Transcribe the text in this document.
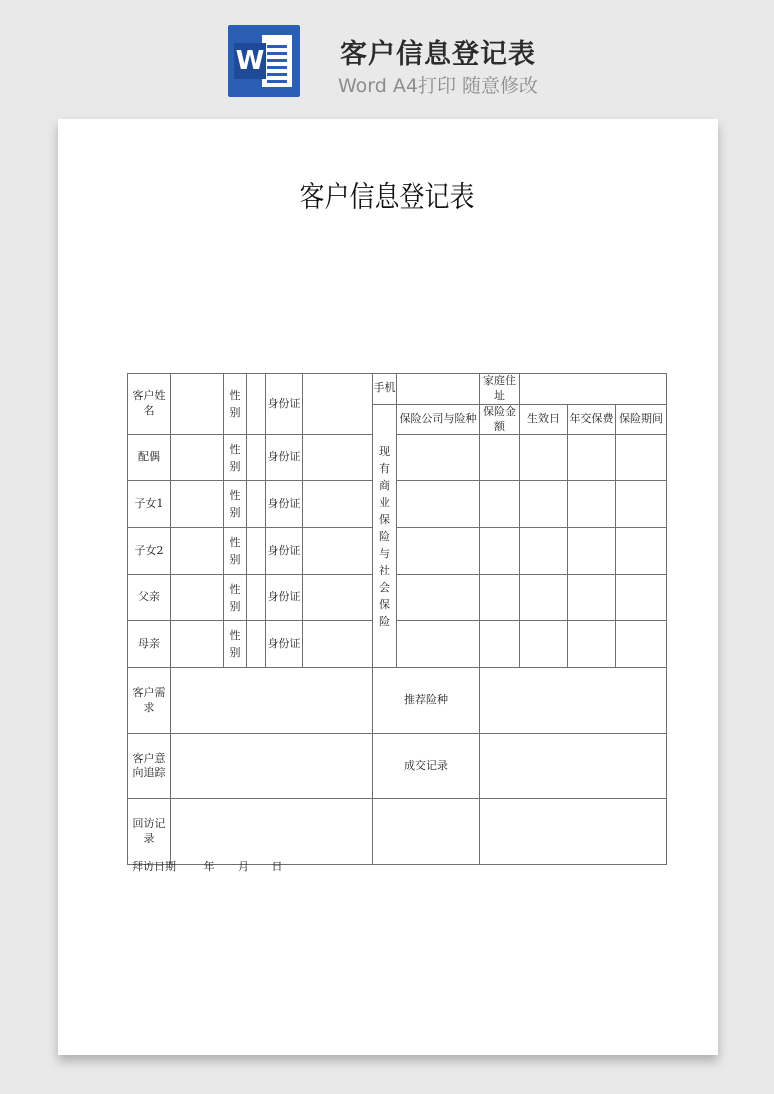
W	客户信息登记表
Word A4打印 随意修改
客户信息登记表
客户姓名		性别		身份证		手机		家庭住址			
						现有商业保险与社会保险	保险公司与险种	保险金额	生效日	年交保费	保险期间
配偶		性别		身份证							
子女1		性别		身份证							
子女2		性别		身份证							
父亲		性别		身份证							
母亲		性别		身份证							
客户需求						推荐险种					
客户意向追踪						成交记录					
回访记录											
拜访日期	年 月 日
